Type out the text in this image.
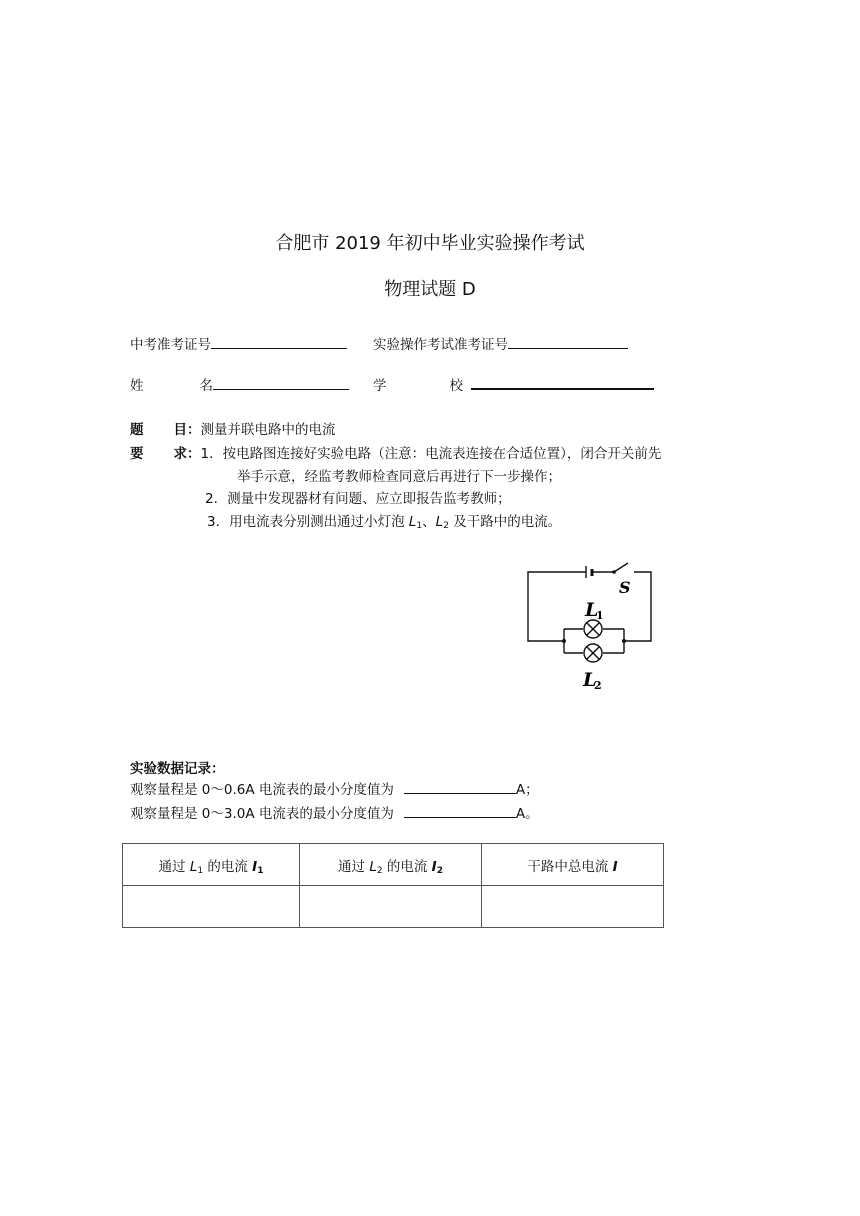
合肥市 2019 年初中毕业实验操作考试
物理试题 D
中考准考证号	实验操作考试准考证号
姓	名	学	校
题 目：测量并联电路中的电流
要 求：1．按电路图连接好实验电路（注意：电流表连接在合适位置），闭合开关前先
举手示意，经监考教师检查同意后再进行下一步操作；
2．测量中发现器材有问题、应立即报告监考教师；
3．用电流表分别测出通过小灯泡 $L_1$、$L_2$ 及干路中的电流。
S
L
1
L
2
实验数据记录：
观察量程是 0～0.6A 电流表的最小分度值为	A；
观察量程是 0～3.0A 电流表的最小分度值为	A。
通过 $L_1$ 的电流 $I_1$	通过 $L_2$ 的电流 $I_2$	干路中总电流 I
